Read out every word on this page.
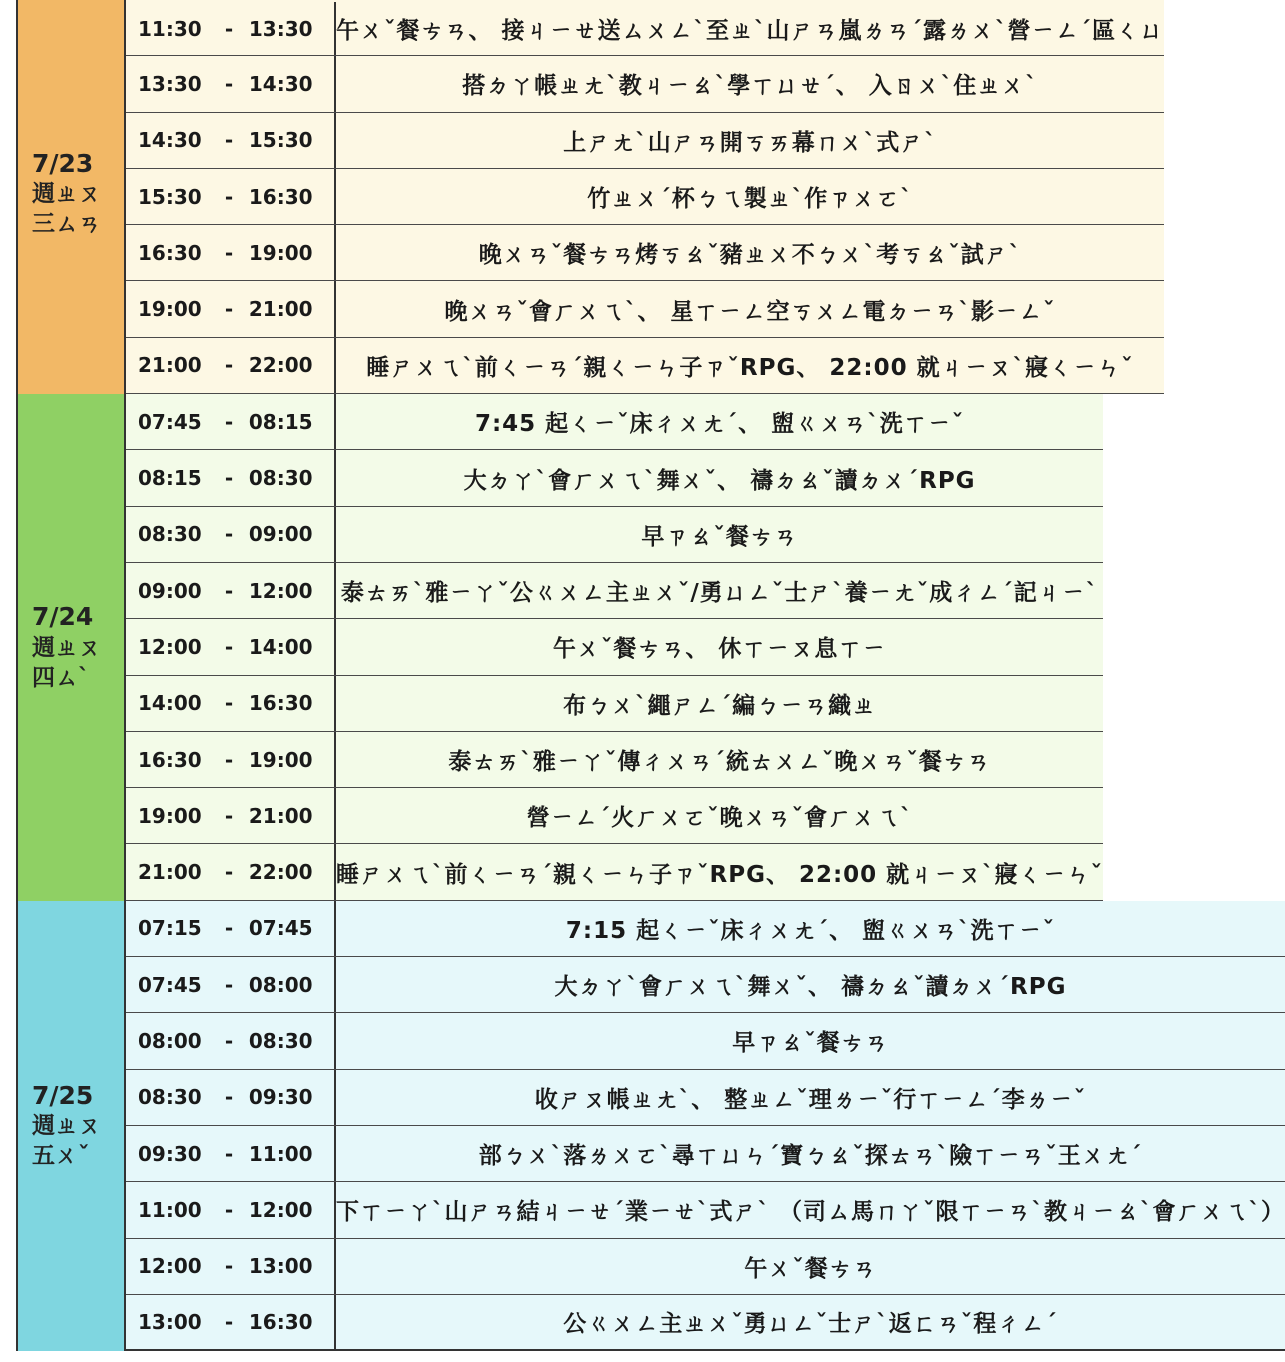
7/23
週ㄓㄡ 三ㄙㄢ
11:30	- 13:30	午ㄨˇ餐ㄘㄢ、 接ㄐㄧㄝ送ㄙㄨㄥˋ至ㄓˋ山ㄕㄢ嵐ㄌㄢˊ露ㄌㄨˋ營ㄧㄥˊ區ㄑㄩ
13:30	- 14:30	搭ㄉㄚ帳ㄓㄤˋ教ㄐㄧㄠˋ學ㄒㄩㄝˊ、 入ㄖㄨˋ住ㄓㄨˋ
14:30	- 15:30	上ㄕㄤˋ山ㄕㄢ開ㄎㄞ幕ㄇㄨˋ式ㄕˋ
15:30	- 16:30	竹ㄓㄨˊ杯ㄅㄟ製ㄓˋ作ㄗㄨㄛˋ
16:30	- 19:00	晚ㄨㄢˇ餐ㄘㄢ烤ㄎㄠˇ豬ㄓㄨ不ㄅㄨˋ考ㄎㄠˇ試ㄕˋ
19:00	- 21:00	晚ㄨㄢˇ會ㄏㄨㄟˋ、 星ㄒㄧㄥ空ㄎㄨㄥ電ㄉㄧㄢˋ影ㄧㄥˇ
21:00	- 22:00	睡ㄕㄨㄟˋ前ㄑㄧㄢˊ親ㄑㄧㄣ子ㄗˇRPG、 22:00 就ㄐㄧㄡˋ寢ㄑㄧㄣˇ
7/24
週ㄓㄡ 四ㄙˋ
07:45	- 08:15	7:45 起ㄑㄧˇ床ㄔㄨㄤˊ、 盥ㄍㄨㄢˋ洗ㄒㄧˇ
08:15	- 08:30	大ㄉㄚˋ會ㄏㄨㄟˋ舞ㄨˇ、 禱ㄉㄠˇ讀ㄉㄨˊRPG
08:30	- 09:00	早ㄗㄠˇ餐ㄘㄢ
09:00	- 12:00	泰ㄊㄞˋ雅ㄧㄚˇ公ㄍㄨㄥ主ㄓㄨˇ/勇ㄩㄥˇ士ㄕˋ養ㄧㄤˇ成ㄔㄥˊ記ㄐㄧˋ
12:00	- 14:00	午ㄨˇ餐ㄘㄢ、 休ㄒㄧㄡ息ㄒㄧ
14:00	- 16:30	布ㄅㄨˋ繩ㄕㄥˊ編ㄅㄧㄢ織ㄓ
16:30	- 19:00	泰ㄊㄞˋ雅ㄧㄚˇ傳ㄔㄨㄢˊ統ㄊㄨㄥˇ晚ㄨㄢˇ餐ㄘㄢ
19:00	- 21:00	營ㄧㄥˊ火ㄏㄨㄛˇ晚ㄨㄢˇ會ㄏㄨㄟˋ
21:00	- 22:00	睡ㄕㄨㄟˋ前ㄑㄧㄢˊ親ㄑㄧㄣ子ㄗˇRPG、 22:00 就ㄐㄧㄡˋ寢ㄑㄧㄣˇ
7/25
週ㄓㄡ 五ㄨˇ
07:15	- 07:45	7:15 起ㄑㄧˇ床ㄔㄨㄤˊ、 盥ㄍㄨㄢˋ洗ㄒㄧˇ
07:45	- 08:00	大ㄉㄚˋ會ㄏㄨㄟˋ舞ㄨˇ、 禱ㄉㄠˇ讀ㄉㄨˊRPG
08:00	- 08:30	早ㄗㄠˇ餐ㄘㄢ
08:30	- 09:30	收ㄕㄡ帳ㄓㄤˋ、 整ㄓㄥˇ理ㄌㄧˇ行ㄒㄧㄥˊ李ㄌㄧˇ
09:30	- 11:00	部ㄅㄨˋ落ㄌㄨㄛˋ尋ㄒㄩㄣˊ寶ㄅㄠˇ探ㄊㄢˋ險ㄒㄧㄢˇ王ㄨㄤˊ
11:00	- 12:00	下ㄒㄧㄚˋ山ㄕㄢ結ㄐㄧㄝˊ業ㄧㄝˋ式ㄕˋ （司ㄙ馬ㄇㄚˇ限ㄒㄧㄢˋ教ㄐㄧㄠˋ會ㄏㄨㄟˋ）
12:00	- 13:00	午ㄨˇ餐ㄘㄢ
13:00	- 16:30	公ㄍㄨㄥ主ㄓㄨˇ勇ㄩㄥˇ士ㄕˋ返ㄈㄢˇ程ㄔㄥˊ
